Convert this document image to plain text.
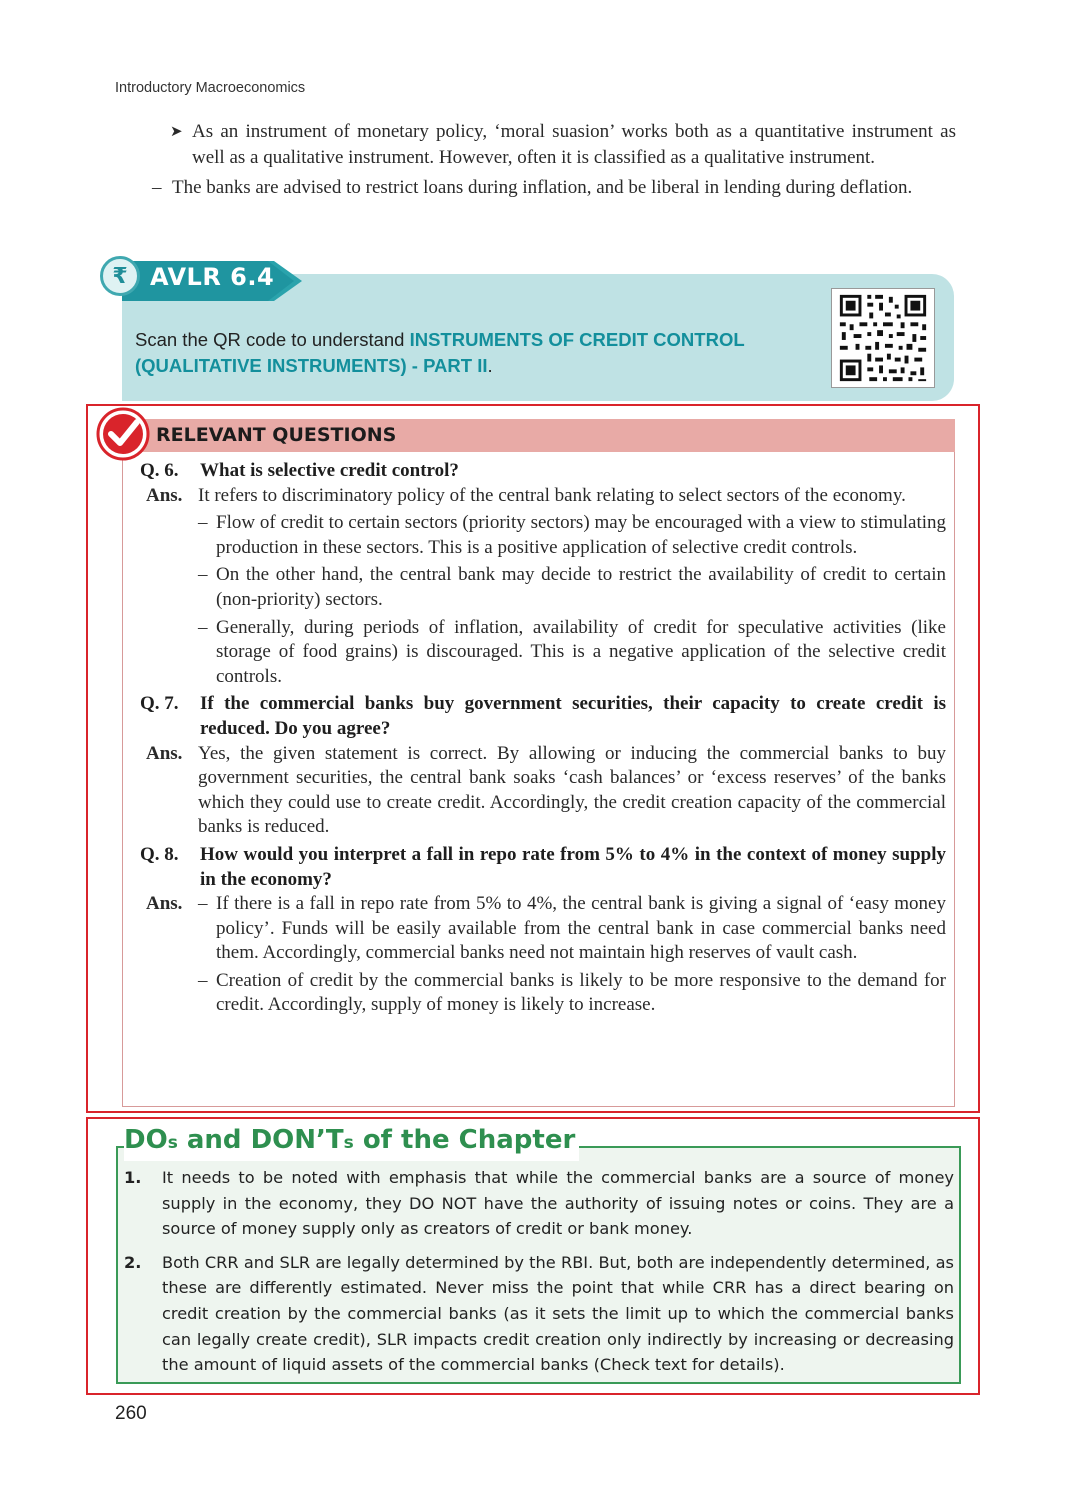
Introductory Macroeconomics
➤ As an instrument of monetary policy, ‘moral suasion’ works both as a quantitative instrument as well as a qualitative instrument. However, often it is classified as a qualitative instrument.
– The banks are advised to restrict loans during inflation, and be liberal in lending during deflation.
₹ AVLR 6.4
Scan the QR code to understand INSTRUMENTS OF CREDIT CONTROL (QUALITATIVE INSTRUMENTS) - PART II.
RELEVANT QUESTIONS
Q. 6. What is selective credit control?
Ans. It refers to discriminatory policy of the central bank relating to select sectors of the economy.
– Flow of credit to certain sectors (priority sectors) may be encouraged with a view to stimulating production in these sectors. This is a positive application of selective credit controls.
– On the other hand, the central bank may decide to restrict the availability of credit to certain (non-priority) sectors.
– Generally, during periods of inflation, availability of credit for speculative activities (like storage of food grains) is discouraged. This is a negative application of the selective credit controls.
Q. 7. If the commercial banks buy government securities, their capacity to create credit is reduced. Do you agree?
Ans. Yes, the given statement is correct. By allowing or inducing the commercial banks to buy government securities, the central bank soaks ‘cash balances’ or ‘excess reserves’ of the banks which they could use to create credit. Accordingly, the credit creation capacity of the commercial banks is reduced.
Q. 8. How would you interpret a fall in repo rate from 5% to 4% in the context of money supply in the economy?
Ans. – If there is a fall in repo rate from 5% to 4%, the central bank is giving a signal of ‘easy money policy’. Funds will be easily available from the central bank in case commercial banks need them. Accordingly, commercial banks need not maintain high reserves of vault cash.
– Creation of credit by the commercial banks is likely to be more responsive to the demand for credit. Accordingly, supply of money is likely to increase.
DOs and DON’Ts of the Chapter
1. It needs to be noted with emphasis that while the commercial banks are a source of money supply in the economy, they DO NOT have the authority of issuing notes or coins. They are a source of money supply only as creators of credit or bank money.
2. Both CRR and SLR are legally determined by the RBI. But, both are independently determined, as these are differently estimated. Never miss the point that while CRR has a direct bearing on credit creation by the commercial banks (as it sets the limit up to which the commercial banks can legally create credit), SLR impacts credit creation only indirectly by increasing or decreasing the amount of liquid assets of the commercial banks (Check text for details).
260
